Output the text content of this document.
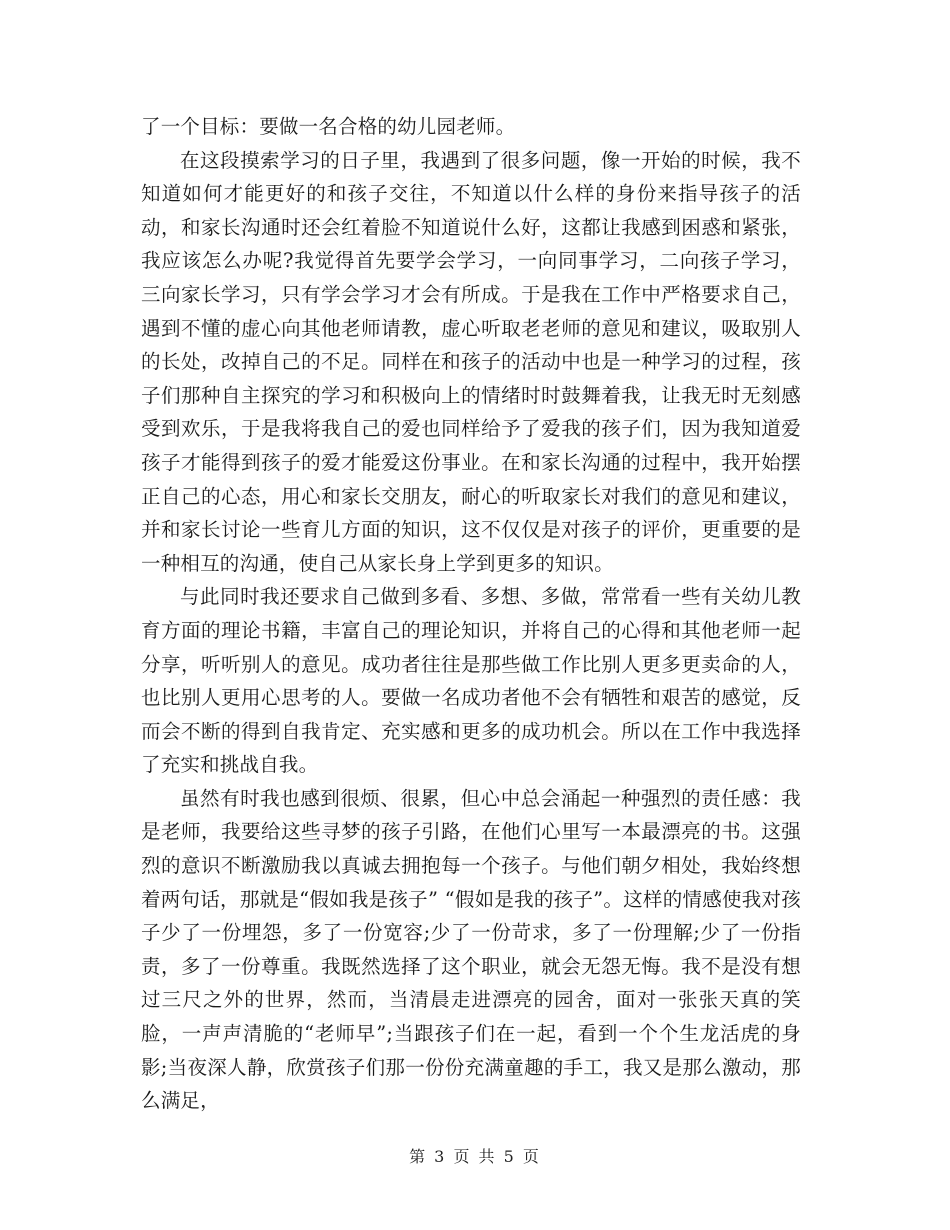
了一个目标：要做一名合格的幼儿园老师。

在这段摸索学习的日子里，我遇到了很多问题，像一开始的时候，我不知道如何才能更好的和孩子交往，不知道以什么样的身份来指导孩子的活动，和家长沟通时还会红着脸不知道说什么好，这都让我感到困惑和紧张，我应该怎么办呢?我觉得首先要学会学习，一向同事学习，二向孩子学习，三向家长学习，只有学会学习才会有所成。于是我在工作中严格要求自己，遇到不懂的虚心向其他老师请教，虚心听取老老师的意见和建议，吸取别人的长处，改掉自己的不足。同样在和孩子的活动中也是一种学习的过程，孩子们那种自主探究的学习和积极向上的情绪时时鼓舞着我，让我无时无刻感受到欢乐，于是我将我自己的爱也同样给予了爱我的孩子们，因为我知道爱孩子才能得到孩子的爱才能爱这份事业。在和家长沟通的过程中，我开始摆正自己的心态，用心和家长交朋友，耐心的听取家长对我们的意见和建议，并和家长讨论一些育儿方面的知识，这不仅仅是对孩子的评价，更重要的是一种相互的沟通，使自己从家长身上学到更多的知识。

与此同时我还要求自己做到多看、多想、多做，常常看一些有关幼儿教育方面的理论书籍，丰富自己的理论知识，并将自己的心得和其他老师一起分享，听听别人的意见。成功者往往是那些做工作比别人更多更卖命的人，也比别人更用心思考的人。要做一名成功者他不会有牺牲和艰苦的感觉，反而会不断的得到自我肯定、充实感和更多的成功机会。所以在工作中我选择了充实和挑战自我。

虽然有时我也感到很烦、很累，但心中总会涌起一种强烈的责任感：我是老师，我要给这些寻梦的孩子引路，在他们心里写一本最漂亮的书。这强烈的意识不断激励我以真诚去拥抱每一个孩子。与他们朝夕相处，我始终想着两句话，那就是“假如我是孩子” “假如是我的孩子”。这样的情感使我对孩子少了一份埋怨，多了一份宽容;少了一份苛求，多了一份理解;少了一份指责，多了一份尊重。我既然选择了这个职业，就会无怨无悔。我不是没有想过三尺之外的世界，然而，当清晨走进漂亮的园舍，面对一张张天真的笑脸，一声声清脆的“老师早”;当跟孩子们在一起，看到一个个生龙活虎的身影;当夜深人静，欣赏孩子们那一份份充满童趣的手工，我又是那么激动，那么满足，

第 3 页 共 5 页
